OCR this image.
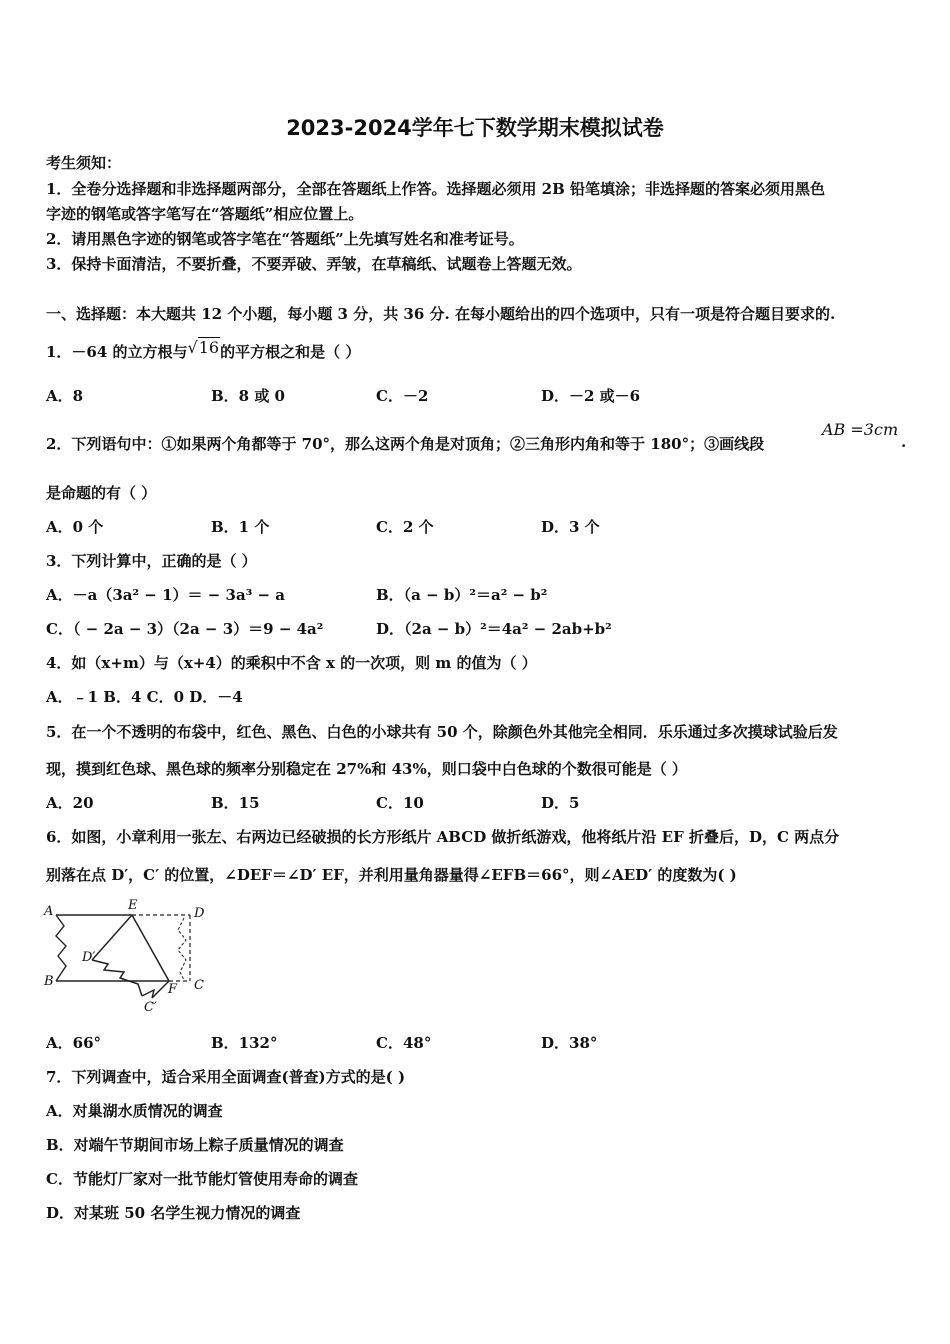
2023-2024学年七下数学期末模拟试卷
考生须知：
1．全卷分选择题和非选择题两部分，全部在答题纸上作答。选择题必须用 2B 铅笔填涂；非选择题的答案必须用黑色
字迹的钢笔或答字笔写在“答题纸”相应位置上。
2．请用黑色字迹的钢笔或答字笔在“答题纸”上先填写姓名和准考证号。
3．保持卡面清洁，不要折叠，不要弄破、弄皱，在草稿纸、试题卷上答题无效。
一、选择题：本大题共 12 个小题，每小题 3 分，共 36 分. 在每小题给出的四个选项中，只有一项是符合题目要求的.
1．－64 的立方根与√16的平方根之和是（ ）
A．8	B．8 或 0	C．－2	D．－2 或－6
2．下列语句中：①如果两个角都等于 70°，那么这两个角是对顶角；②三角形内角和等于 180°；③画线段
AB =3cm
.
是命题的有（ ）
A．0 个	B．1 个	C．2 个	D．3 个
3．下列计算中，正确的是（ ）
A．－a（3a² − 1）＝ − 3a³ − a	B．（a − b）²＝a² − b²
C．（ − 2a − 3）（2a − 3）＝9 − 4a²	D．（2a − b）²＝4a² − 2ab+b²
4．如（x+m）与（x+4）的乘积中不含 x 的一次项，则 m 的值为（ ）
A．﹣1 B．4 C．0 D．－4
5．在一个不透明的布袋中，红色、黑色、白色的小球共有 50 个，除颜色外其他完全相同．乐乐通过多次摸球试验后发
现，摸到红色球、黑色球的频率分别稳定在 27%和 43%，则口袋中白色球的个数很可能是（ ）
A．20	B．15	C．10	D．5
6．如图，小章利用一张左、右两边已经破损的长方形纸片 ABCD 做折纸游戏，他将纸片沿 EF 折叠后，D，C 两点分
别落在点 D′，C′ 的位置，∠DEF＝∠D′ EF，并利用量角器量得∠EFB＝66°，则∠AED′ 的度数为( )
A
B	C
D
E
F
D′
C′
A．66°	B．132°	C．48°	D．38°
7．下列调查中，适合采用全面调查(普查)方式的是( )
A．对巢湖水质情况的调查
B．对端午节期间市场上粽子质量情况的调查
C．节能灯厂家对一批节能灯管使用寿命的调查
D．对某班 50 名学生视力情况的调查
